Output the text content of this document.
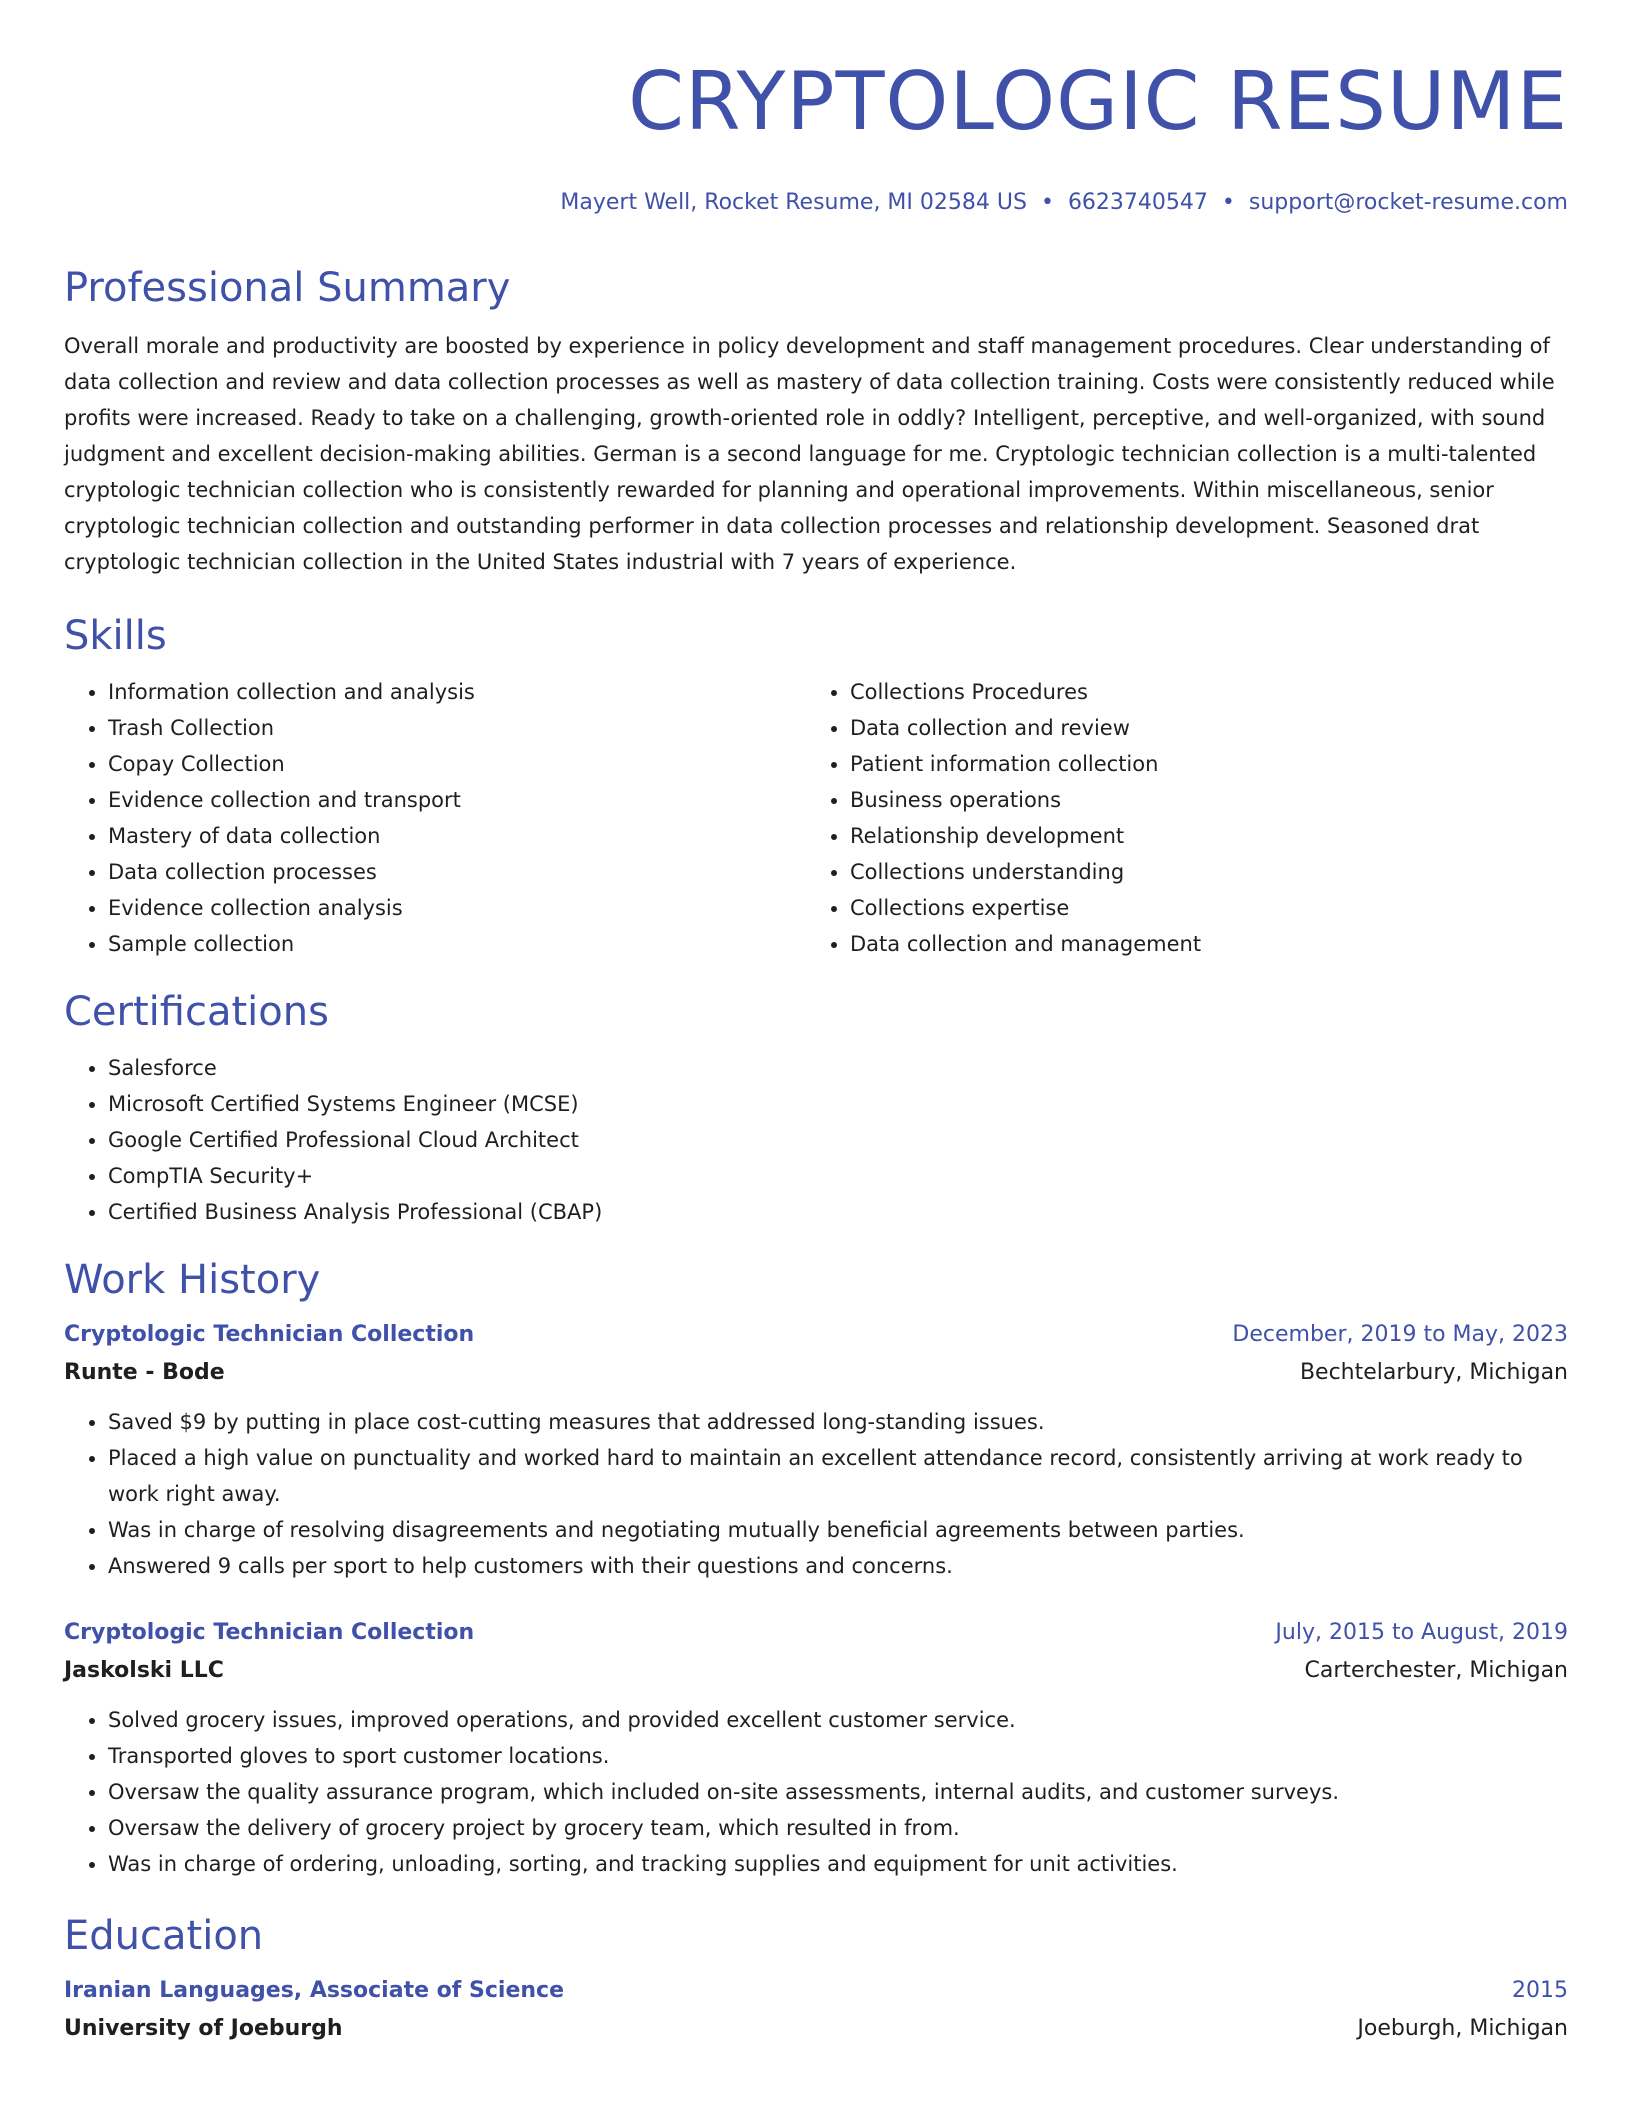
CRYPTOLOGIC RESUME
Mayert Well, Rocket Resume, MI 02584 US • 6623740547 • support@rocket-resume.com
Professional Summary
Overall morale and productivity are boosted by experience in policy development and staff management procedures. Clear understanding of data collection and review and data collection processes as well as mastery of data collection training. Costs were consistently reduced while profits were increased. Ready to take on a challenging, growth-oriented role in oddly? Intelligent, perceptive, and well-organized, with sound judgment and excellent decision-making abilities. German is a second language for me. Cryptologic technician collection is a multi-talented cryptologic technician collection who is consistently rewarded for planning and operational improvements. Within miscellaneous, senior cryptologic technician collection and outstanding performer in data collection processes and relationship development. Seasoned drat cryptologic technician collection in the United States industrial with 7 years of experience.
Skills
• Information collection and analysis
• Trash Collection
• Copay Collection
• Evidence collection and transport
• Mastery of data collection
• Data collection processes
• Evidence collection analysis
• Sample collection
• Collections Procedures
• Data collection and review
• Patient information collection
• Business operations
• Relationship development
• Collections understanding
• Collections expertise
• Data collection and management
Certifications
• Salesforce
• Microsoft Certified Systems Engineer (MCSE)
• Google Certified Professional Cloud Architect
• CompTIA Security+
• Certified Business Analysis Professional (CBAP)
Work History
Cryptologic Technician Collection	December, 2019 to May, 2023
Runte - Bode	Bechtelarbury, Michigan
• Saved $9 by putting in place cost-cutting measures that addressed long-standing issues.
• Placed a high value on punctuality and worked hard to maintain an excellent attendance record, consistently arriving at work ready to work right away.
• Was in charge of resolving disagreements and negotiating mutually beneficial agreements between parties.
• Answered 9 calls per sport to help customers with their questions and concerns.
Cryptologic Technician Collection	July, 2015 to August, 2019
Jaskolski LLC	Carterchester, Michigan
• Solved grocery issues, improved operations, and provided excellent customer service.
• Transported gloves to sport customer locations.
• Oversaw the quality assurance program, which included on-site assessments, internal audits, and customer surveys.
• Oversaw the delivery of grocery project by grocery team, which resulted in from.
• Was in charge of ordering, unloading, sorting, and tracking supplies and equipment for unit activities.
Education
Iranian Languages, Associate of Science	2015
University of Joeburgh	Joeburgh, Michigan
